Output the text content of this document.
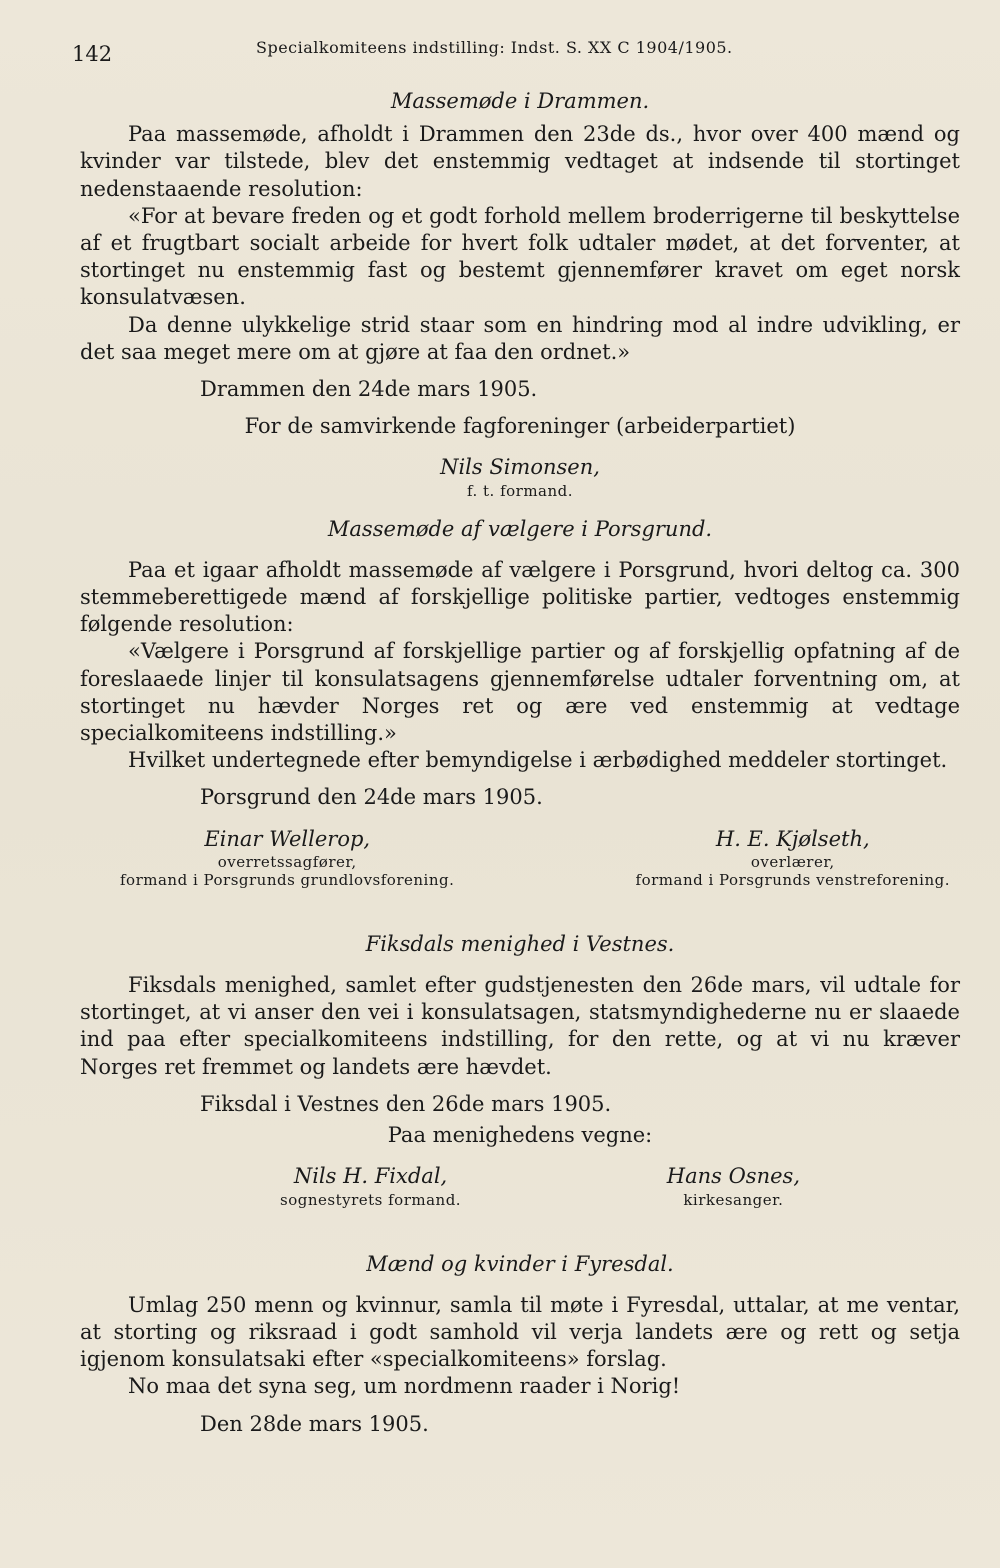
142	Specialkomiteens indstilling: Indst. S. XX C 1904/1905.
Massemøde i Drammen.

Paa massemøde, afholdt i Drammen den 23de ds., hvor over 400 mænd og kvinder var tilstede, blev det enstemmig vedtaget at indsende til stortinget nedenstaaende resolution:

«For at bevare freden og et godt forhold mellem broderrigerne til beskyttelse af et frugtbart socialt arbeide for hvert folk udtaler mødet, at det forventer, at stortinget nu enstemmig fast og bestemt gjennemfører kravet om eget norsk konsulatvæsen.

Da denne ulykkelige strid staar som en hindring mod al indre udvikling, er det saa meget mere om at gjøre at faa den ordnet.»

Drammen den 24de mars 1905.
For de samvirkende fagforeninger (arbeiderpartiet)
Nils Simonsen,
f. t. formand.
Massemøde af vælgere i Porsgrund.

Paa et igaar afholdt massemøde af vælgere i Porsgrund, hvori deltog ca. 300 stemmeberettigede mænd af forskjellige politiske partier, vedtoges enstemmig følgende resolution:

«Vælgere i Porsgrund af forskjellige partier og af forskjellig opfatning af de foreslaaede linjer til konsulatsagens gjennemførelse udtaler forventning om, at stortinget nu hævder Norges ret og ære ved enstemmig at vedtage specialkomiteens indstilling.»

Hvilket undertegnede efter bemyndigelse i ærbødighed meddeler stortinget.

Porsgrund den 24de mars 1905.
Einar Wellerop,
overretssagfører,
formand i Porsgrunds grundlovsforening.
H. E. Kjølseth,
overlærer,
formand i Porsgrunds venstreforening.
Fiksdals menighed i Vestnes.

Fiksdals menighed, samlet efter gudstjenesten den 26de mars, vil udtale for stortinget, at vi anser den vei i konsulatsagen, statsmyndighederne nu er slaaede ind paa efter specialkomiteens indstilling, for den rette, og at vi nu kræver Norges ret fremmet og landets ære hævdet.

Fiksdal i Vestnes den 26de mars 1905.
Paa menighedens vegne:
Nils H. Fixdal,
sognestyrets formand.
Hans Osnes,
kirkesanger.
Mænd og kvinder i Fyresdal.

Umlag 250 menn og kvinnur, samla til møte i Fyresdal, uttalar, at me ventar, at storting og riksraad i godt samhold vil verja landets ære og rett og setja igjenom konsulatsaki efter «specialkomiteens» forslag.

No maa det syna seg, um nordmenn raader i Norig!

Den 28de mars 1905.
